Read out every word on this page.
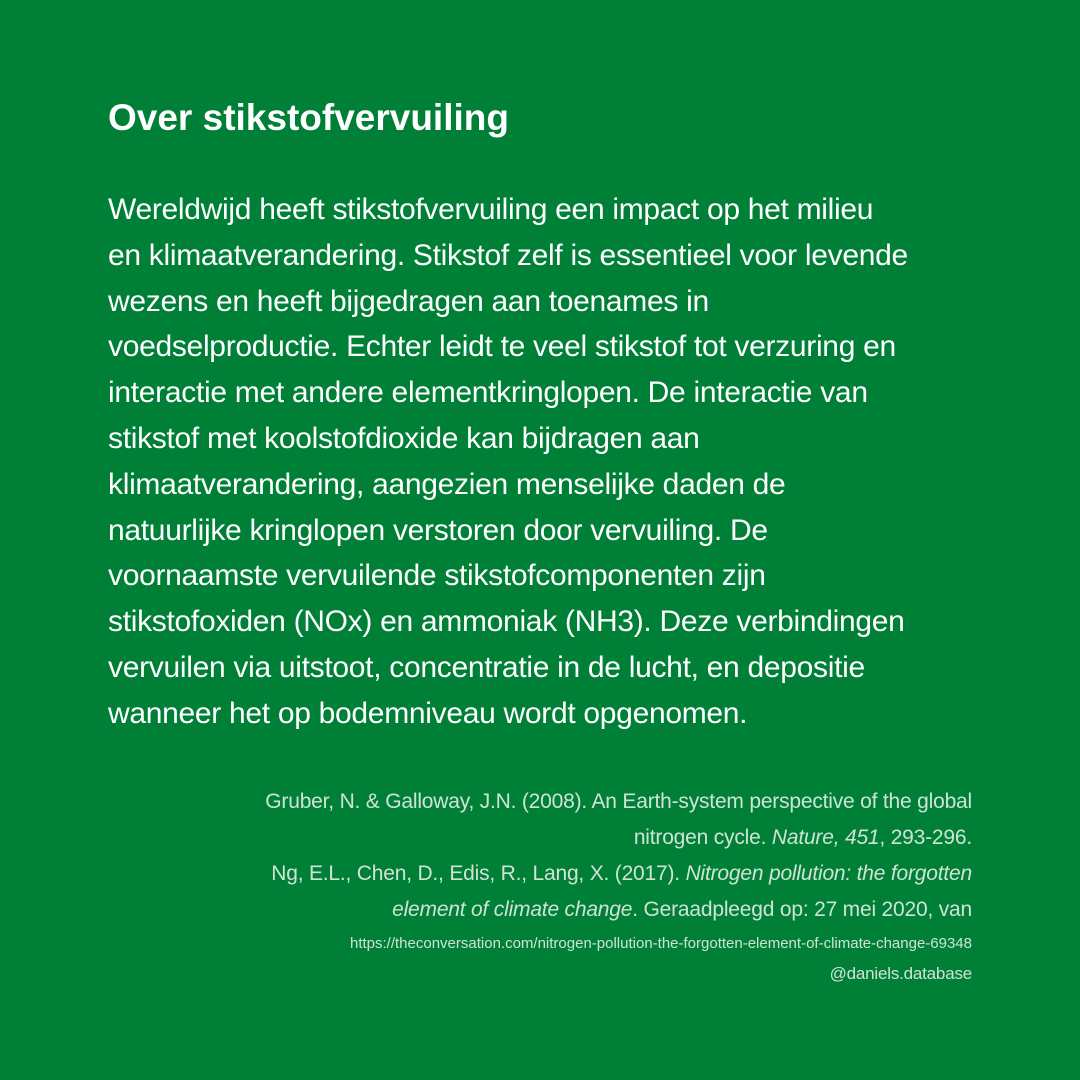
Over stikstofvervuiling

Wereldwijd heeft stikstofvervuiling een impact op het milieu
en klimaatverandering. Stikstof zelf is essentieel voor levende
wezens en heeft bijgedragen aan toenames in
voedselproductie. Echter leidt te veel stikstof tot verzuring en
interactie met andere elementkringlopen. De interactie van
stikstof met koolstofdioxide kan bijdragen aan
klimaatverandering, aangezien menselijke daden de
natuurlijke kringlopen verstoren door vervuiling. De
voornaamste vervuilende stikstofcomponenten zijn
stikstofoxiden (NOx) en ammoniak (NH3). Deze verbindingen
vervuilen via uitstoot, concentratie in de lucht, en depositie
wanneer het op bodemniveau wordt opgenomen.

Gruber, N. & Galloway, J.N. (2008). An Earth-system perspective of the global
nitrogen cycle. Nature, 451, 293-296.
Ng, E.L., Chen, D., Edis, R., Lang, X. (2017). Nitrogen pollution: the forgotten
element of climate change. Geraadpleegd op: 27 mei 2020, van
https://theconversation.com/nitrogen-pollution-the-forgotten-element-of-climate-change-69348
@daniels.database
